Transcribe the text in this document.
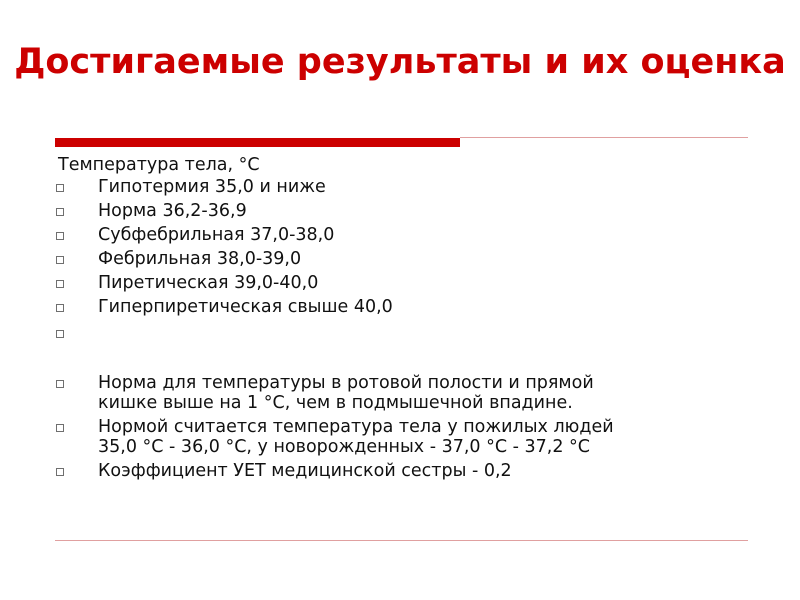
Достигаемые результаты и их оценка
Температура тела, °С
Гипотермия 35,0 и ниже
Норма 36,2-36,9
Субфебрильная 37,0-38,0
Фебрильная 38,0-39,0
Пиретическая 39,0-40,0
Гиперпиретическая свыше 40,0
Норма для температуры в ротовой полости и прямой
кишке выше на 1 °С, чем в подмышечной впадине.
Нормой считается температура тела у пожилых людей
35,0 °С - 36,0 °С, у новорожденных - 37,0 °С - 37,2 °С
Коэффициент УЕТ медицинской сестры - 0,2
